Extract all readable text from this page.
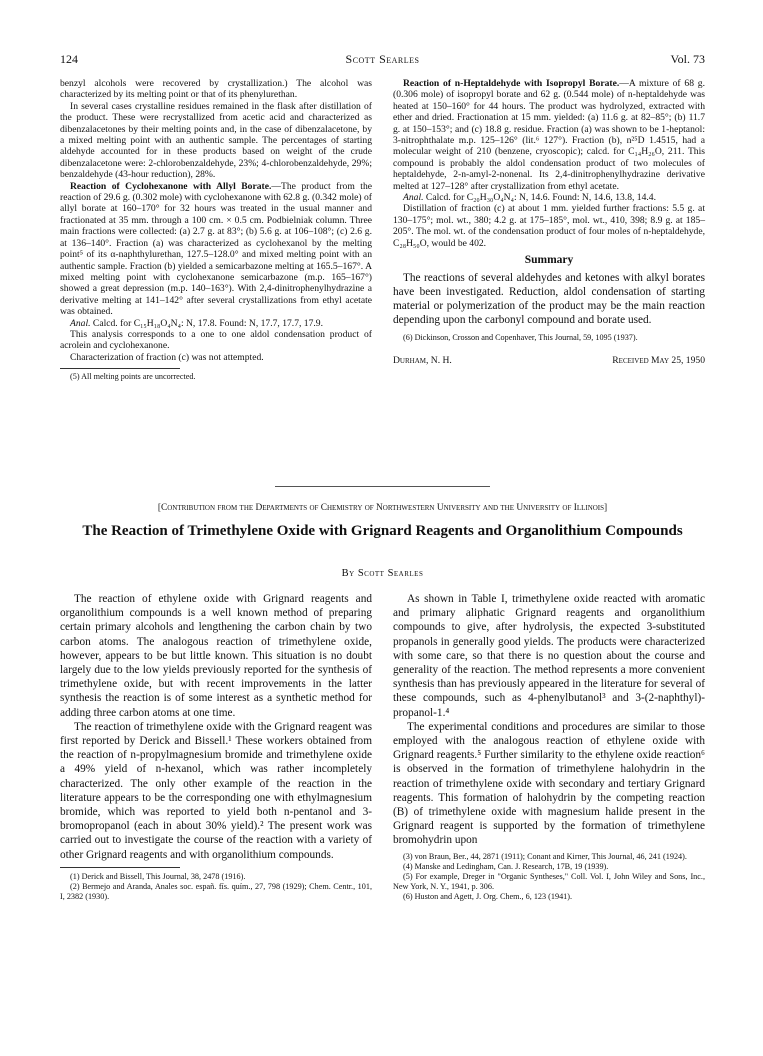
124	Scott Searles	Vol. 73

benzyl alcohols were recovered by crystallization.) The alcohol was characterized by its melting point or that of its phenylurethan.

In several cases crystalline residues remained in the flask after distillation of the product. These were recrystallized from acetic acid and characterized as dibenzalacetones by their melting points and, in the case of dibenzalacetone, by a mixed melting point with an authentic sample. The percentages of starting aldehyde accounted for in these products based on weight of the crude dibenzalacetone were: 2-chlorobenzaldehyde, 23%; 4-chlorobenzaldehyde, 29%; benzaldehyde (43-hour reduction), 28%.

Reaction of Cyclohexanone with Allyl Borate.—The product from the reaction of 29.6 g. (0.302 mole) with cyclohexanone with 62.8 g. (0.342 mole) of allyl borate at 160–170° for 32 hours was treated in the usual manner and fractionated at 35 mm. through a 100 cm. × 0.5 cm. Podbielniak column. Three main fractions were collected: (a) 2.7 g. at 83°; (b) 5.6 g. at 106–108°; (c) 2.6 g. at 136–140°. Fraction (a) was characterized as cyclohexanol by the melting point⁵ of its α-naphthylurethan, 127.5–128.0° and mixed melting point with an authentic sample. Fraction (b) yielded a semicarbazone melting at 165.5–167°. A mixed melting point with cyclohexanone semicarbazone (m.p. 165–167°) showed a great depression (m.p. 140–163°). With 2,4-dinitrophenylhydrazine a derivative melting at 141–142° after several crystallizations from ethyl acetate was obtained.

Anal. Calcd. for C₁₅H₁₈O₄N₄: N, 17.8. Found: N, 17.7, 17.7, 17.9.

This analysis corresponds to a one to one aldol condensation product of acrolein and cyclohexanone.

Characterization of fraction (c) was not attempted.

(5) All melting points are uncorrected.

Reaction of n-Heptaldehyde with Isopropyl Borate.—A mixture of 68 g. (0.306 mole) of isopropyl borate and 62 g. (0.544 mole) of n-heptaldehyde was heated at 150–160° for 44 hours. The product was hydrolyzed, extracted with ether and dried. Fractionation at 15 mm. yielded: (a) 11.6 g. at 82–85°; (b) 11.7 g. at 150–153°; and (c) 18.8 g. residue. Fraction (a) was shown to be 1-heptanol: 3-nitrophthalate m.p. 125–126° (lit.⁶ 127°). Fraction (b), n²⁵D 1.4515, had a molecular weight of 210 (benzene, cryoscopic); calcd. for C₁₄H₂₆O, 211. This compound is probably the aldol condensation product of two molecules of heptaldehyde, 2-n-amyl-2-nonenal. Its 2,4-dinitrophenylhydrazine derivative melted at 127–128° after crystallization from ethyl acetate.

Anal. Calcd. for C₂₀H₃₀O₄N₄: N, 14.6. Found: N, 14.6, 13.8, 14.4.

Distillation of fraction (c) at about 1 mm. yielded further fractions: 5.5 g. at 130–175°; mol. wt., 380; 4.2 g. at 175–185°, mol. wt., 410, 398; 8.9 g. at 185–205°. The mol. wt. of the condensation product of four moles of n-heptaldehyde, C₂₈H₅₀O, would be 402.

Summary

The reactions of several aldehydes and ketones with alkyl borates have been investigated. Reduction, aldol condensation of starting material or polymerization of the product may be the main reaction depending upon the carbonyl compound and borate used.

(6) Dickinson, Crosson and Copenhaver, This Journal, 59, 1095 (1937).
Durham, N. H.	Received May 25, 1950
[Contribution from the Departments of Chemistry of Northwestern University and the University of Illinois]
The Reaction of Trimethylene Oxide with Grignard Reagents and Organolithium Compounds
By Scott Searles

The reaction of ethylene oxide with Grignard reagents and organolithium compounds is a well known method of preparing certain primary alcohols and lengthening the carbon chain by two carbon atoms. The analogous reaction of trimethylene oxide, however, appears to be but little known. This situation is no doubt largely due to the low yields previously reported for the synthesis of trimethylene oxide, but with recent improvements in the latter synthesis the reaction is of some interest as a synthetic method for adding three carbon atoms at one time.

The reaction of trimethylene oxide with the Grignard reagent was first reported by Derick and Bissell.¹ These workers obtained from the reaction of n-propylmagnesium bromide and trimethylene oxide a 49% yield of n-hexanol, which was rather incompletely characterized. The only other example of the reaction in the literature appears to be the corresponding one with ethylmagnesium bromide, which was reported to yield both n-pentanol and 3-bromopropanol (each in about 30% yield).² The present work was carried out to investigate the course of the reaction with a variety of other Grignard reagents and with organolithium compounds.

(1) Derick and Bissell, This Journal, 38, 2478 (1916).
(2) Bermejo and Aranda, Anales soc. españ. fís. quím., 27, 798 (1929); Chem. Centr., 101, I, 2382 (1930).

As shown in Table I, trimethylene oxide reacted with aromatic and primary aliphatic Grignard reagents and organolithium compounds to give, after hydrolysis, the expected 3-substituted propanols in generally good yields. The products were characterized with some care, so that there is no question about the course and generality of the reaction. The method represents a more convenient synthesis than has previously appeared in the literature for several of these compounds, such as 4-phenylbutanol³ and 3-(2-naphthyl)-propanol-1.⁴

The experimental conditions and procedures are similar to those employed with the analogous reaction of ethylene oxide with Grignard reagents.⁵ Further similarity to the ethylene oxide reaction⁶ is observed in the formation of trimethylene halohydrin in the reaction of trimethylene oxide with secondary and tertiary Grignard reagents. This formation of halohydrin by the competing reaction (B) of trimethylene oxide with magnesium halide present in the Grignard reagent is supported by the formation of trimethylene bromohydrin upon

(3) von Braun, Ber., 44, 2871 (1911); Conant and Kirner, This Journal, 46, 241 (1924).
(4) Manske and Ledingham, Can. J. Research, 17B, 19 (1939).
(5) For example, Dreger in "Organic Syntheses," Coll. Vol. I, John Wiley and Sons, Inc., New York, N. Y., 1941, p. 306.
(6) Huston and Agett, J. Org. Chem., 6, 123 (1941).
